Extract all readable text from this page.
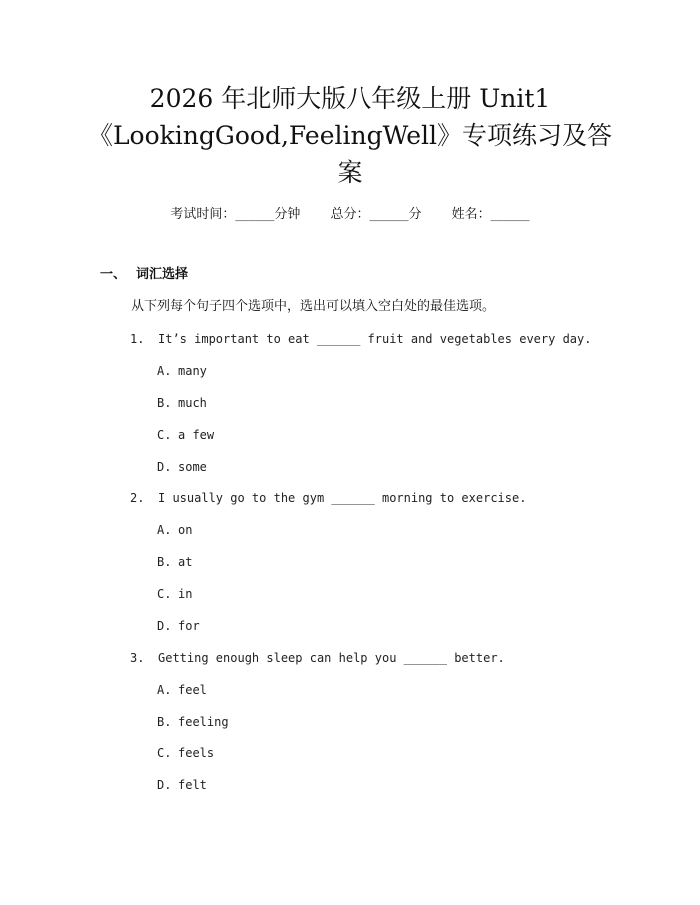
2026 年北师大版八年级上册 Unit1
《LookingGood,FeelingWell》专项练习及答
案
考试时间：______分钟 总分：______分 姓名：______
一、 词汇选择
从下列每个句子四个选项中，选出可以填入空白处的最佳选项。
1. It’s important to eat ______ fruit and vegetables every day.
A. many
B. much
C. a few
D. some
2. I usually go to the gym ______ morning to exercise.
A. on
B. at
C. in
D. for
3. Getting enough sleep can help you ______ better.
A. feel
B. feeling
C. feels
D. felt
